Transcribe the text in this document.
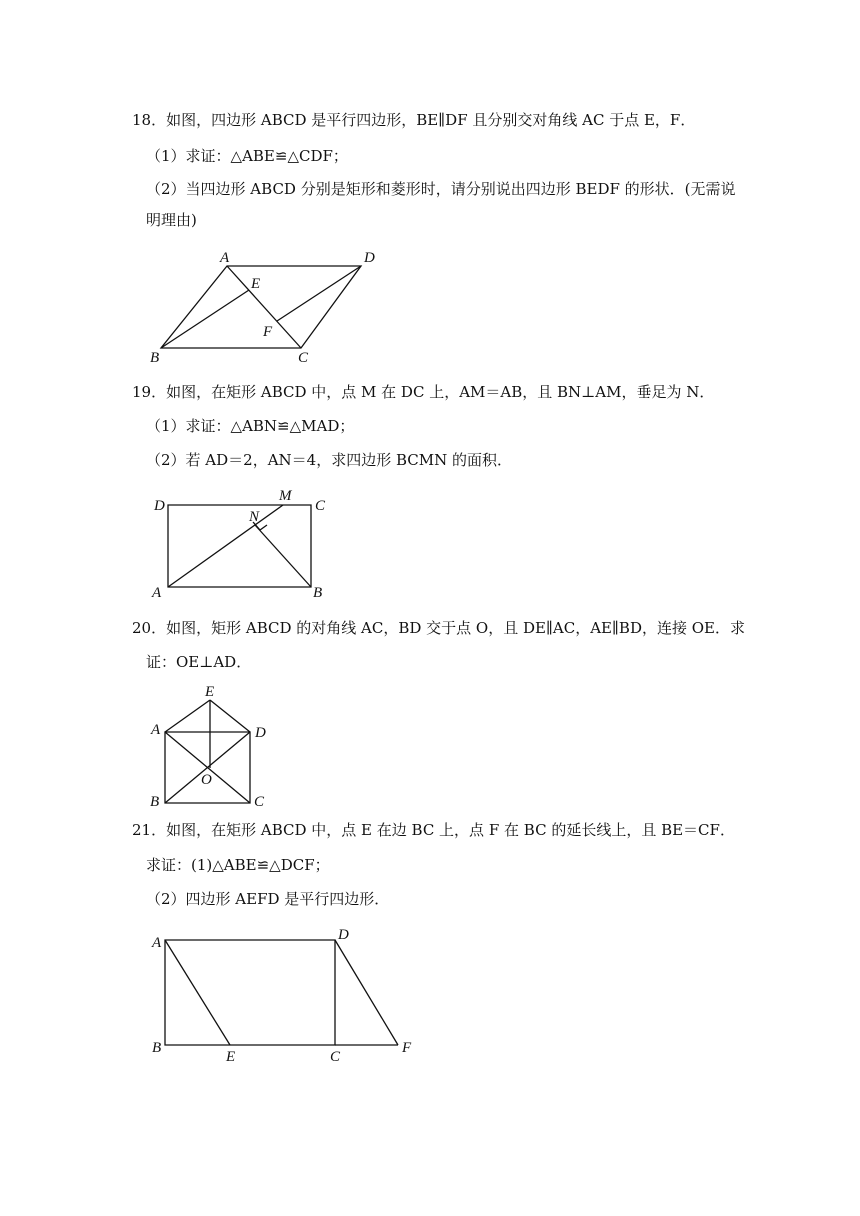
18．如图，四边形 ABCD 是平行四边形，BE∥DF 且分别交对角线 AC 于点 E，F．
（1）求证：△ABE≌△CDF；
（2）当四边形 ABCD 分别是矩形和菱形时，请分别说出四边形 BEDF 的形状．(无需说
明理由)
A	D
E
F
B	C
19．如图，在矩形 ABCD 中，点 M 在 DC 上，AM＝AB，且 BN⊥AM，垂足为 N．
（1）求证：△ABN≌△MAD；
（2）若 AD＝2，AN＝4，求四边形 BCMN 的面积．
D
M
C
N
A	B
20．如图，矩形 ABCD 的对角线 AC，BD 交于点 O，且 DE∥AC，AE∥BD，连接 OE．求
证：OE⊥AD．
E
A	D
O
B	C
21．如图，在矩形 ABCD 中，点 E 在边 BC 上，点 F 在 BC 的延长线上，且 BE＝CF．
求证：(1)△ABE≌△DCF；
（2）四边形 AEFD 是平行四边形．
A	D
B
E	C
F
